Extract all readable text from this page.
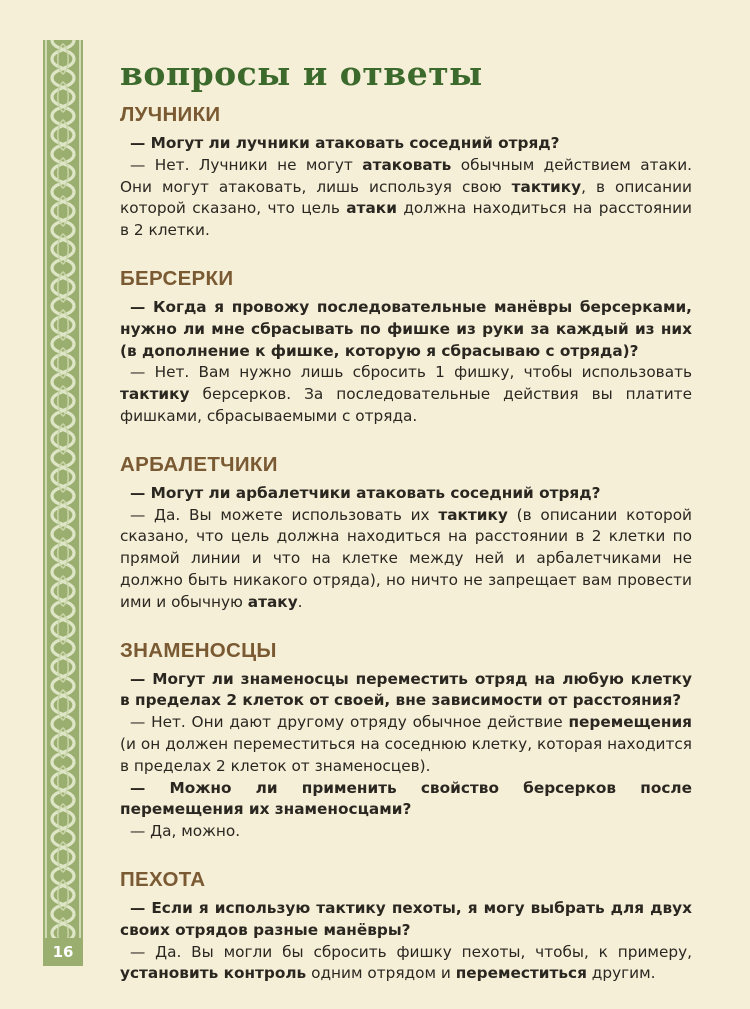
16
вопросы и ответы
ЛУЧНИКИ

— Могут ли лучники атаковать соседний отряд?

— Нет. Лучники не могут атаковать обычным действием атаки. Они могут атаковать, лишь используя свою тактику, в описании которой сказано, что цель атаки должна находиться на расстоянии в 2 клетки.

БЕРСЕРКИ

— Когда я провожу последовательные манёвры берсерками, нужно ли мне сбрасывать по фишке из руки за каждый из них (в дополнение к фишке, которую я сбрасываю с отряда)?

— Нет. Вам нужно лишь сбросить 1 фишку, чтобы использовать тактику берсерков. За последовательные действия вы платите фишками, сбрасываемыми с отряда.

АРБАЛЕТЧИКИ

— Могут ли арбалетчики атаковать соседний отряд?

— Да. Вы можете использовать их тактику (в описании которой сказано, что цель должна находиться на расстоянии в 2 клетки по прямой линии и что на клетке между ней и арбалетчиками не должно быть никакого отряда), но ничто не запрещает вам провести ими и обычную атаку.

ЗНАМЕНОСЦЫ

— Могут ли знаменосцы переместить отряд на любую клетку в пределах 2 клеток от своей, вне зависимости от расстояния?

— Нет. Они дают другому отряду обычное действие перемещения (и он должен переместиться на соседнюю клетку, которая находится в пределах 2 клеток от знаменосцев).

— Можно ли применить свойство берсерков после перемещения их знаменосцами?

— Да, можно.

ПЕХОТА

— Если я использую тактику пехоты, я могу выбрать для двух своих отрядов разные манёвры?

— Да. Вы могли бы сбросить фишку пехоты, чтобы, к примеру, установить контроль одним отрядом и переместиться другим.
